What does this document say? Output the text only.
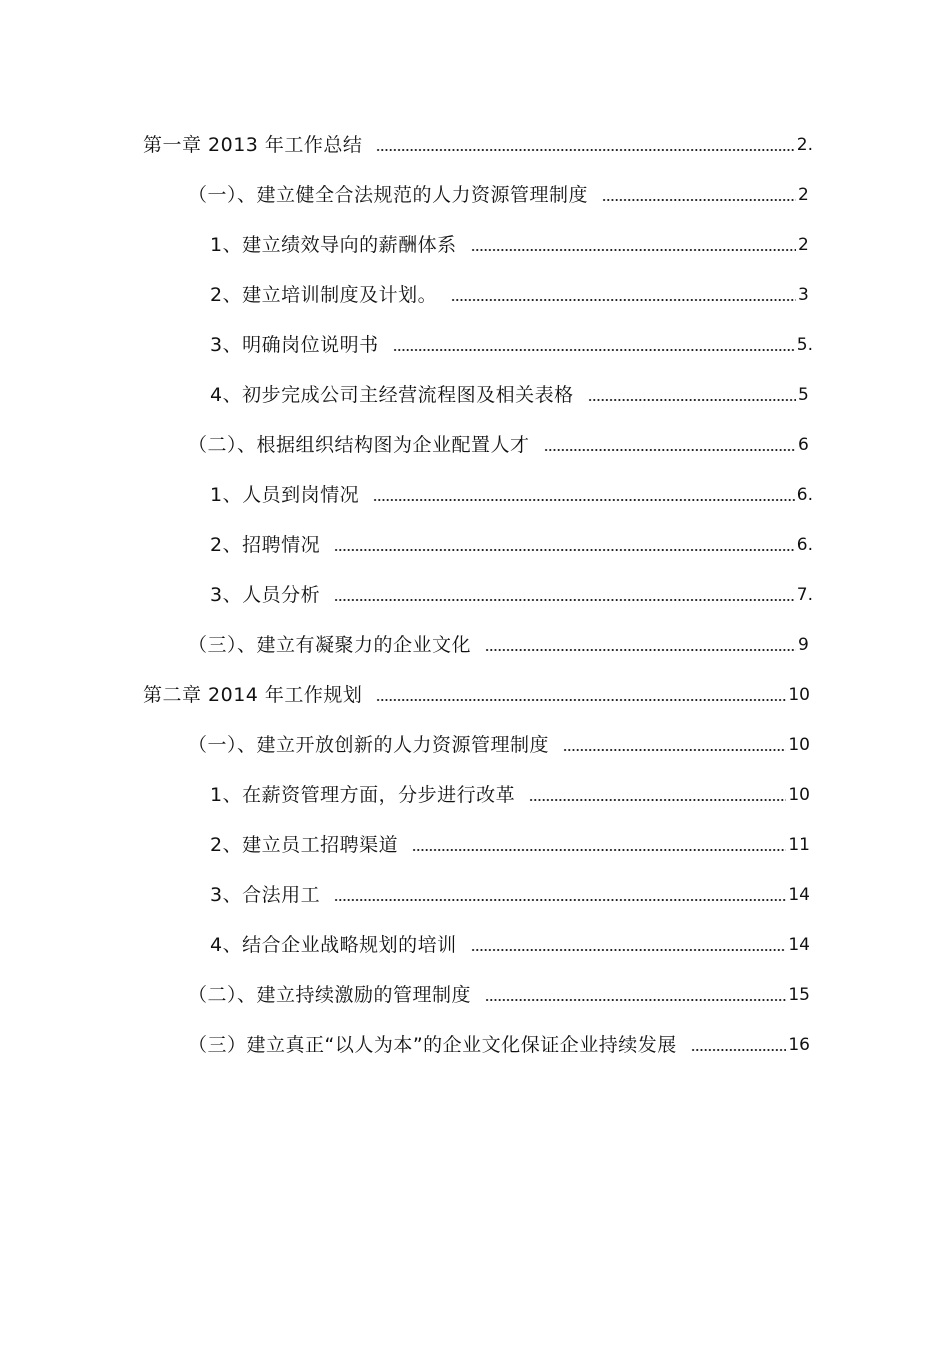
第一章 2013 年工作总结	2.
（一）、建立健全合法规范的人力资源管理制度	2
1、建立绩效导向的薪酬体系	2
2、建立培训制度及计划。	3
3、明确岗位说明书	5.
4、初步完成公司主经营流程图及相关表格	5
（二）、根据组织结构图为企业配置人才	6
1、人员到岗情况	6.
2、招聘情况	6.
3、人员分析	7.
（三）、建立有凝聚力的企业文化	9
第二章 2014 年工作规划	10
（一）、建立开放创新的人力资源管理制度	10
1、在薪资管理方面，分步进行改革	10
2、建立员工招聘渠道	11
3、合法用工	14
4、结合企业战略规划的培训	14
（二）、建立持续激励的管理制度	15
（三）建立真正“以人为本”的企业文化保证企业持续发展	16
